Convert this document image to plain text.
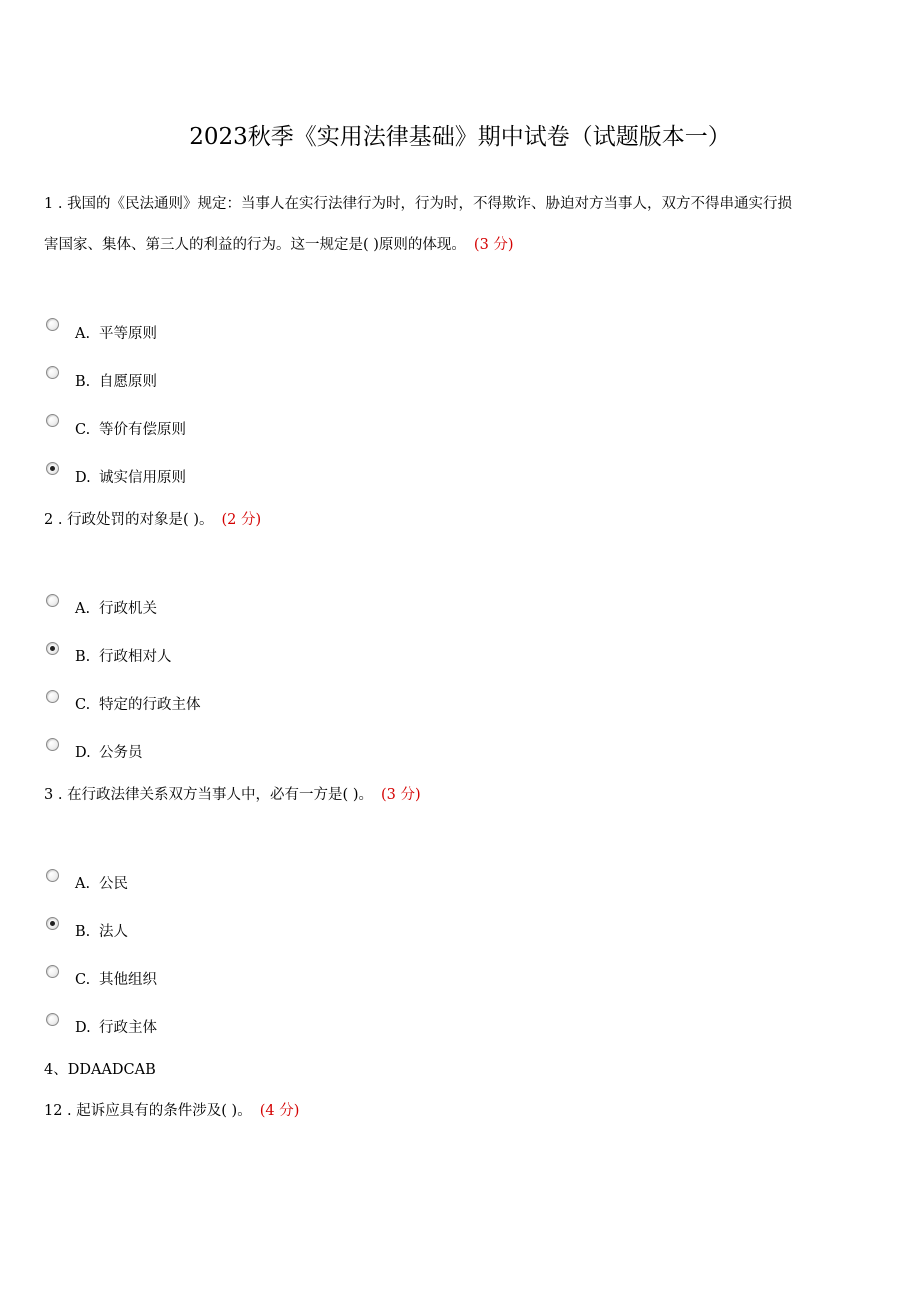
2023秋季《实用法律基础》期中试卷（试题版本一）
1 . 我国的《民法通则》规定：当事人在实行法律行为时，行为时，不得欺诈、胁迫对方当事人，双方不得串通实行损
害国家、集体、第三人的利益的行为。这一规定是( )原则的体现。 (3 分)
A. 平等原则
B. 自愿原则
C. 等价有偿原则
D. 诚实信用原则
2 . 行政处罚的对象是( )。 (2 分)
A. 行政机关
B. 行政相对人
C. 特定的行政主体
D. 公务员
3 . 在行政法律关系双方当事人中，必有一方是( )。 (3 分)
A. 公民
B. 法人
C. 其他组织
D. 行政主体
4、DDAADCAB
12 . 起诉应具有的条件涉及( )。 (4 分)
